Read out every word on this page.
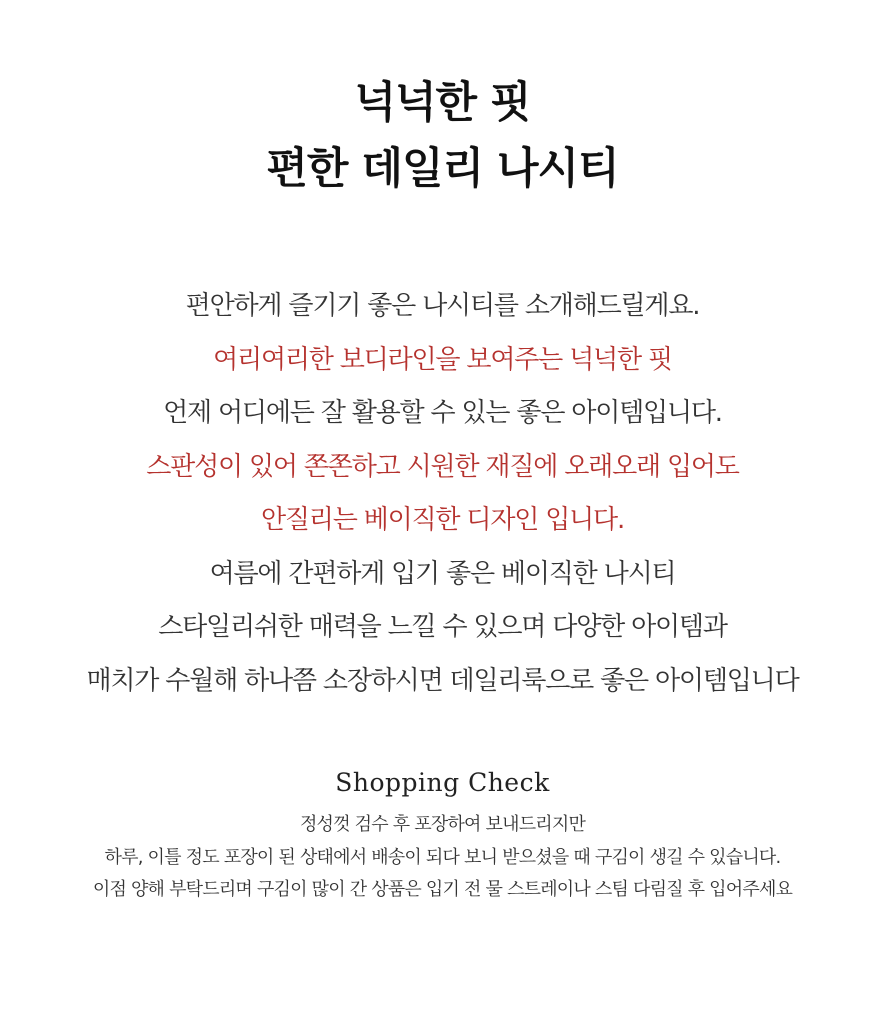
넉넉한 핏
편한 데일리 나시티
편안하게 즐기기 좋은 나시티를 소개해드릴게요.
여리여리한 보디라인을 보여주는 넉넉한 핏
언제 어디에든 잘 활용할 수 있는 좋은 아이템입니다.
스판성이 있어 쫀쫀하고 시원한 재질에 오래오래 입어도
안질리는 베이직한 디자인 입니다.
여름에 간편하게 입기 좋은 베이직한 나시티
스타일리쉬한 매력을 느낄 수 있으며 다양한 아이템과
매치가 수월해 하나쯤 소장하시면 데일리룩으로 좋은 아이템입니다
Shopping Check
정성껏 검수 후 포장하여 보내드리지만
하루, 이틀 정도 포장이 된 상태에서 배송이 되다 보니 받으셨을 때 구김이 생길 수 있습니다.
이점 양해 부탁드리며 구김이 많이 간 상품은 입기 전 물 스트레이나 스팀 다림질 후 입어주세요
